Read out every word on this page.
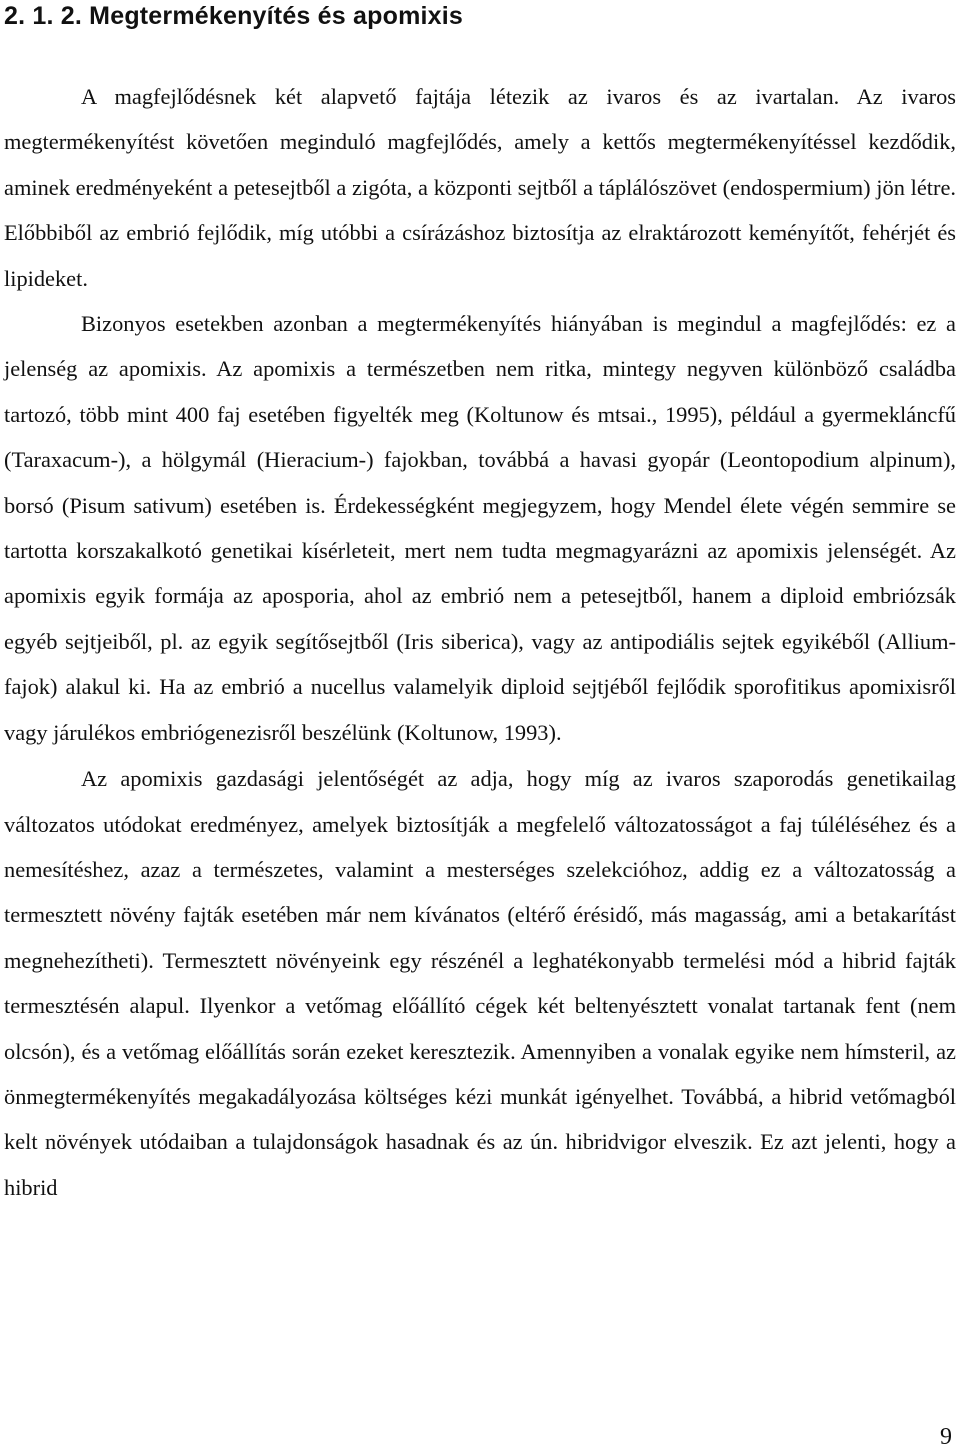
2. 1. 2. Megtermékenyítés és apomixis

A magfejlődésnek két alapvető fajtája létezik az ivaros és az ivartalan. Az ivaros megtermékenyítést követően meginduló magfejlődés, amely a kettős megtermékenyítéssel kezdődik, aminek eredményeként a petesejtből a zigóta, a központi sejtből a táplálószövet (endospermium) jön létre. Előbbiből az embrió fejlődik, míg utóbbi a csírázáshoz biztosítja az elraktározott keményítőt, fehérjét és lipideket.

Bizonyos esetekben azonban a megtermékenyítés hiányában is megindul a magfejlődés: ez a jelenség az apomixis. Az apomixis a természetben nem ritka, mintegy negyven különböző családba tartozó, több mint 400 faj esetében figyelték meg (Koltunow és mtsai., 1995), például a gyermekláncfű (Taraxacum-), a hölgymál (Hieracium-) fajokban, továbbá a havasi gyopár (Leontopodium alpinum), borsó (Pisum sativum) esetében is. Érdekességként megjegyzem, hogy Mendel élete végén semmire se tartotta korszakalkotó genetikai kísérleteit, mert nem tudta megmagyarázni az apomixis jelenségét. Az apomixis egyik formája az aposporia, ahol az embrió nem a petesejtből, hanem a diploid embriózsák egyéb sejtjeiből, pl. az egyik segítősejtből (Iris siberica), vagy az antipodiális sejtek egyikéből (Allium-fajok) alakul ki. Ha az embrió a nucellus valamelyik diploid sejtjéből fejlődik sporofitikus apomixisről vagy járulékos embriógenezisről beszélünk (Koltunow, 1993).

Az apomixis gazdasági jelentőségét az adja, hogy míg az ivaros szaporodás genetikailag változatos utódokat eredményez, amelyek biztosítják a megfelelő változatosságot a faj túléléséhez és a nemesítéshez, azaz a természetes, valamint a mesterséges szelekcióhoz, addig ez a változatosság a termesztett növény fajták esetében már nem kívánatos (eltérő érésidő, más magasság, ami a betakarítást megnehezítheti). Termesztett növényeink egy részénél a leghatékonyabb termelési mód a hibrid fajták termesztésén alapul. Ilyenkor a vetőmag előállító cégek két beltenyésztett vonalat tartanak fent (nem olcsón), és a vetőmag előállítás során ezeket keresztezik. Amennyiben a vonalak egyike nem hímsteril, az önmegtermékenyítés megakadályozása költséges kézi munkát igényelhet. Továbbá, a hibrid vetőmagból kelt növények utódaiban a tulajdonságok hasadnak és az ún. hibridvigor elveszik. Ez azt jelenti, hogy a hibrid

9
